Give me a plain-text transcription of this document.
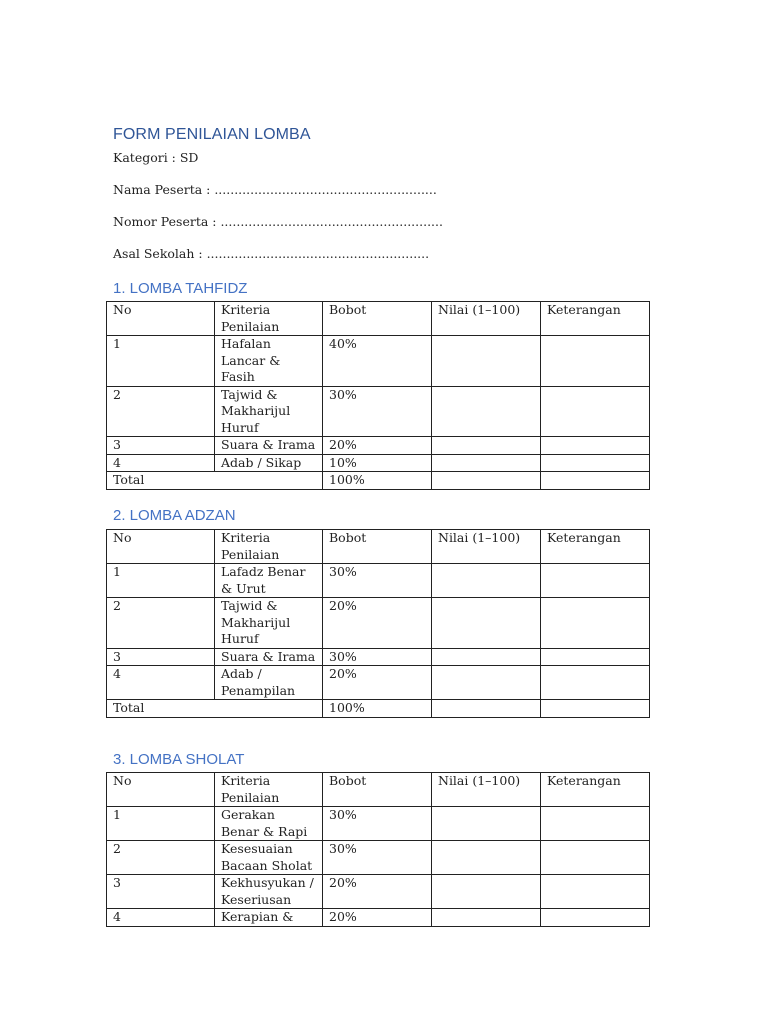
FORM PENILAIAN LOMBA

Kategori : SD

Nama Peserta : ........................................................

Nomor Peserta : ........................................................

Asal Sekolah : ........................................................

1. LOMBA TAHFIDZ
No	Kriteria Penilaian	Bobot	Nilai (1–100)	Keterangan
1	Hafalan Lancar & Fasih	40%		
2	Tajwid & Makharijul Huruf	30%		
3	Suara & Irama	20%		
4	Adab / Sikap	10%		
Total		100%		
2. LOMBA ADZAN
No	Kriteria Penilaian	Bobot	Nilai (1–100)	Keterangan
1	Lafadz Benar & Urut	30%		
2	Tajwid & Makharijul Huruf	20%		
3	Suara & Irama	30%		
4	Adab / Penampilan	20%		
Total		100%		
3. LOMBA SHOLAT
No	Kriteria Penilaian	Bobot	Nilai (1–100)	Keterangan
1	Gerakan Benar & Rapi	30%		
2	Kesesuaian Bacaan Sholat	30%		
3	Kekhusyukan / Keseriusan	20%		
4	Kerapian &	20%		
